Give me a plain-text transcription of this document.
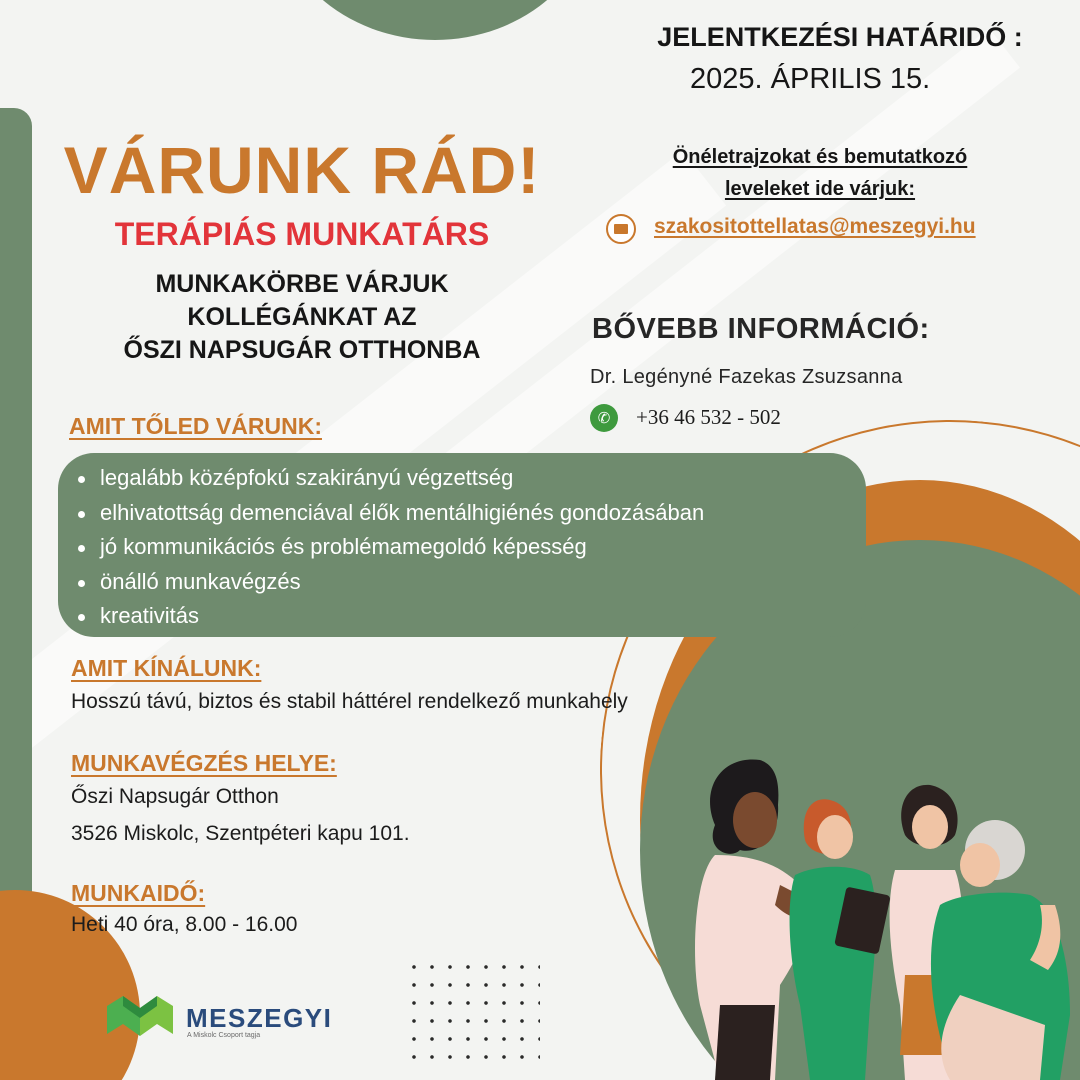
VÁRUNK RÁD!
TERÁPIÁS MUNKATÁRS
MUNKAKÖRBE VÁRJUK
KOLLÉGÁNKAT AZ
ŐSZI NAPSUGÁR OTTHONBA
AMIT TŐLED VÁRUNK:
legalább középfokú szakirányú végzettség
elhivatottság demenciával élők mentálhigiénés gondozásában
jó kommunikációs és problémamegoldó képesség
önálló munkavégzés
kreativitás
AMIT KÍNÁLUNK:
Hosszú távú, biztos és stabil háttérel rendelkező munkahely
MUNKAVÉGZÉS HELYE:
Őszi Napsugár Otthon
3526 Miskolc, Szentpéteri kapu 101.
MUNKAIDŐ:
Heti 40 óra, 8.00 - 16.00
JELENTKEZÉSI HATÁRIDŐ :
2025. ÁPRILIS 15.
Önéletrajzokat és bemutatkozó
leveleket ide várjuk:
szakositottellatas@meszegyi.hu
BŐVEBB INFORMÁCIÓ:
Dr. Legényné Fazekas Zsuzsanna
✆	+36 46 532 - 502
MESZEGYI
A Miskolc Csoport tagja
